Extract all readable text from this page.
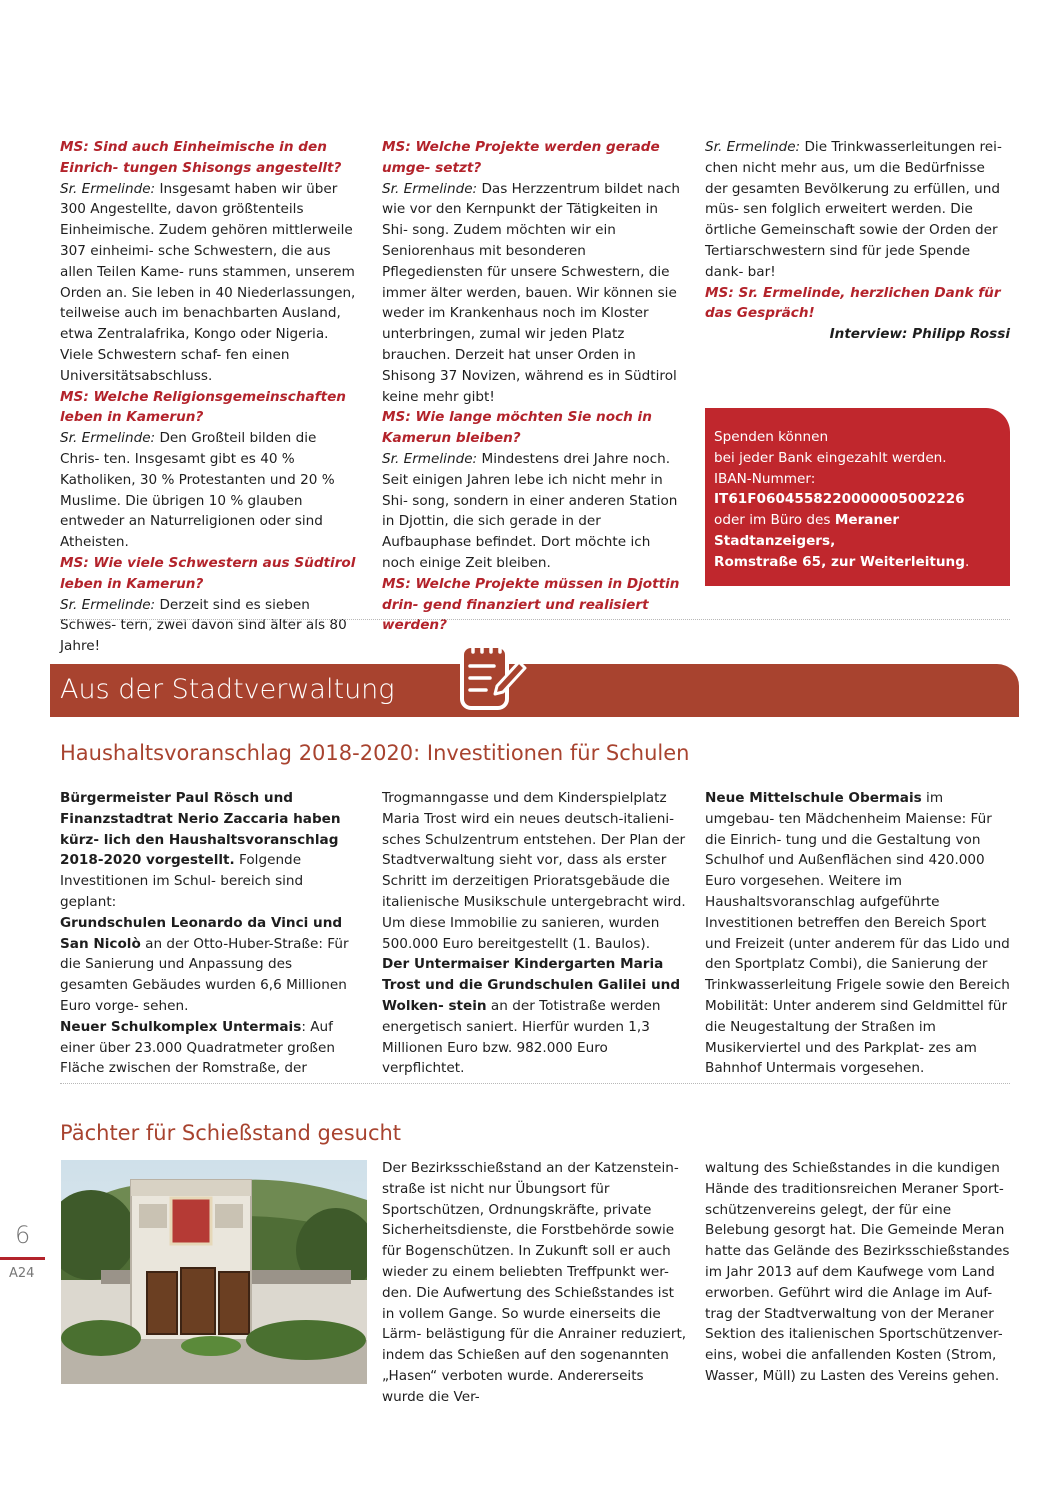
MS: Sind auch Einheimische in den Einrich- tungen Shisongs angestellt?

Sr. Ermelinde: Insgesamt haben wir über 300 Angestellte, davon größtenteils Einheimische. Zudem gehören mittlerweile 307 einheimi- sche Schwestern, die aus allen Teilen Kame- runs stammen, unserem Orden an. Sie leben in 40 Niederlassungen, teilweise auch im benachbarten Ausland, etwa Zentralafrika, Kongo oder Nigeria. Viele Schwestern schaf- fen einen Universitätsabschluss.

MS: Welche Religionsgemeinschaften leben in Kamerun?

Sr. Ermelinde: Den Großteil bilden die Chris- ten. Insgesamt gibt es 40 % Katholiken, 30 % Protestanten und 20 % Muslime. Die übrigen 10 % glauben entweder an Naturreligionen oder sind Atheisten.

MS: Wie viele Schwestern aus Südtirol leben in Kamerun?

Sr. Ermelinde: Derzeit sind es sieben Schwes- tern, zwei davon sind älter als 80 Jahre!

MS: Welche Projekte werden gerade umge- setzt?

Sr. Ermelinde: Das Herzzentrum bildet nach wie vor den Kernpunkt der Tätigkeiten in Shi- song. Zudem möchten wir ein Seniorenhaus mit besonderen Pflegediensten für unsere Schwestern, die immer älter werden, bauen. Wir können sie weder im Krankenhaus noch im Kloster unterbringen, zumal wir jeden Platz brauchen. Derzeit hat unser Orden in Shisong 37 Novizen, während es in Südtirol keine mehr gibt!

MS: Wie lange möchten Sie noch in Kamerun bleiben?

Sr. Ermelinde: Mindestens drei Jahre noch. Seit einigen Jahren lebe ich nicht mehr in Shi- song, sondern in einer anderen Station in Djottin, die sich gerade in der Aufbauphase befindet. Dort möchte ich noch einige Zeit bleiben.

MS: Welche Projekte müssen in Djottin drin- gend finanziert und realisiert werden?

Sr. Ermelinde: Die Trinkwasserleitungen rei- chen nicht mehr aus, um die Bedürfnisse der gesamten Bevölkerung zu erfüllen, und müs- sen folglich erweitert werden. Die örtliche Gemeinschaft sowie der Orden der Tertiarschwestern sind für jede Spende dank- bar!

MS: Sr. Ermelinde, herzlichen Dank für das Gespräch!

Interview: Philipp Rossi
Spenden können
bei jeder Bank eingezahlt werden.
IBAN-Nummer:
IT61F0604558220000005002226
oder im Büro des Meraner Stadtanzeigers,
Romstraße 65, zur Weiterleitung.
Aus der Stadtverwaltung
Haushaltsvoranschlag 2018-2020: Investitionen für Schulen

Bürgermeister Paul Rösch und Finanzstadtrat Nerio Zaccaria haben kürz- lich den Haushaltsvoranschlag 2018-2020 vorgestellt. Folgende Investitionen im Schul- bereich sind geplant:

Grundschulen Leonardo da Vinci und San Nicolò an der Otto-Huber-Straße: Für die Sanierung und Anpassung des gesamten Gebäudes wurden 6,6 Millionen Euro vorge- sehen.

Neuer Schulkomplex Untermais: Auf einer über 23.000 Quadratmeter großen Fläche zwischen der Romstraße, der

Trogmanngasse und dem Kinderspielplatz Maria Trost wird ein neues deutsch-italieni- sches Schulzentrum entstehen. Der Plan der Stadtverwaltung sieht vor, dass als erster Schritt im derzeitigen Prioratsgebäude die italienische Musikschule untergebracht wird. Um diese Immobilie zu sanieren, wurden 500.000 Euro bereitgestellt (1. Baulos).

Der Untermaiser Kindergarten Maria Trost und die Grundschulen Galilei und Wolken- stein an der Totistraße werden energetisch saniert. Hierfür wurden 1,3 Millionen Euro bzw. 982.000 Euro verpflichtet.

Neue Mittelschule Obermais im umgebau- ten Mädchenheim Maiense: Für die Einrich- tung und die Gestaltung von Schulhof und Außenflächen sind 420.000 Euro vorgesehen. Weitere im Haushaltsvoranschlag aufgeführte Investitionen betreffen den Bereich Sport und Freizeit (unter anderem für das Lido und den Sportplatz Combi), die Sanierung der Trinkwasserleitung Frigele sowie den Bereich Mobilität: Unter anderem sind Geldmittel für die Neugestaltung der Straßen im Musikerviertel und des Parkplat- zes am Bahnhof Untermais vorgesehen.

Pächter für Schießstand gesucht
Der Bezirksschießstand an der Katzenstein- straße ist nicht nur Übungsort für Sportschützen, Ordnungskräfte, private Sicherheitsdienste, die Forstbehörde sowie für Bogenschützen. In Zukunft soll er auch wieder zu einem beliebten Treffpunkt wer- den. Die Aufwertung des Schießstandes ist in vollem Gange. So wurde einerseits die Lärm- belästigung für die Anrainer reduziert, indem das Schießen auf den sogenannten „Hasen“ verboten wurde. Andererseits wurde die Ver-
waltung des Schießstandes in die kundigen Hände des traditionsreichen Meraner Sport- schützenvereins gelegt, der für eine Belebung gesorgt hat. Die Gemeinde Meran hatte das Gelände des Bezirksschießstandes im Jahr 2013 auf dem Kaufwege vom Land erworben. Geführt wird die Anlage im Auf- trag der Stadtverwaltung von der Meraner Sektion des italienischen Sportschützenver- eins, wobei die anfallenden Kosten (Strom, Wasser, Müll) zu Lasten des Vereins gehen.
6
A24
